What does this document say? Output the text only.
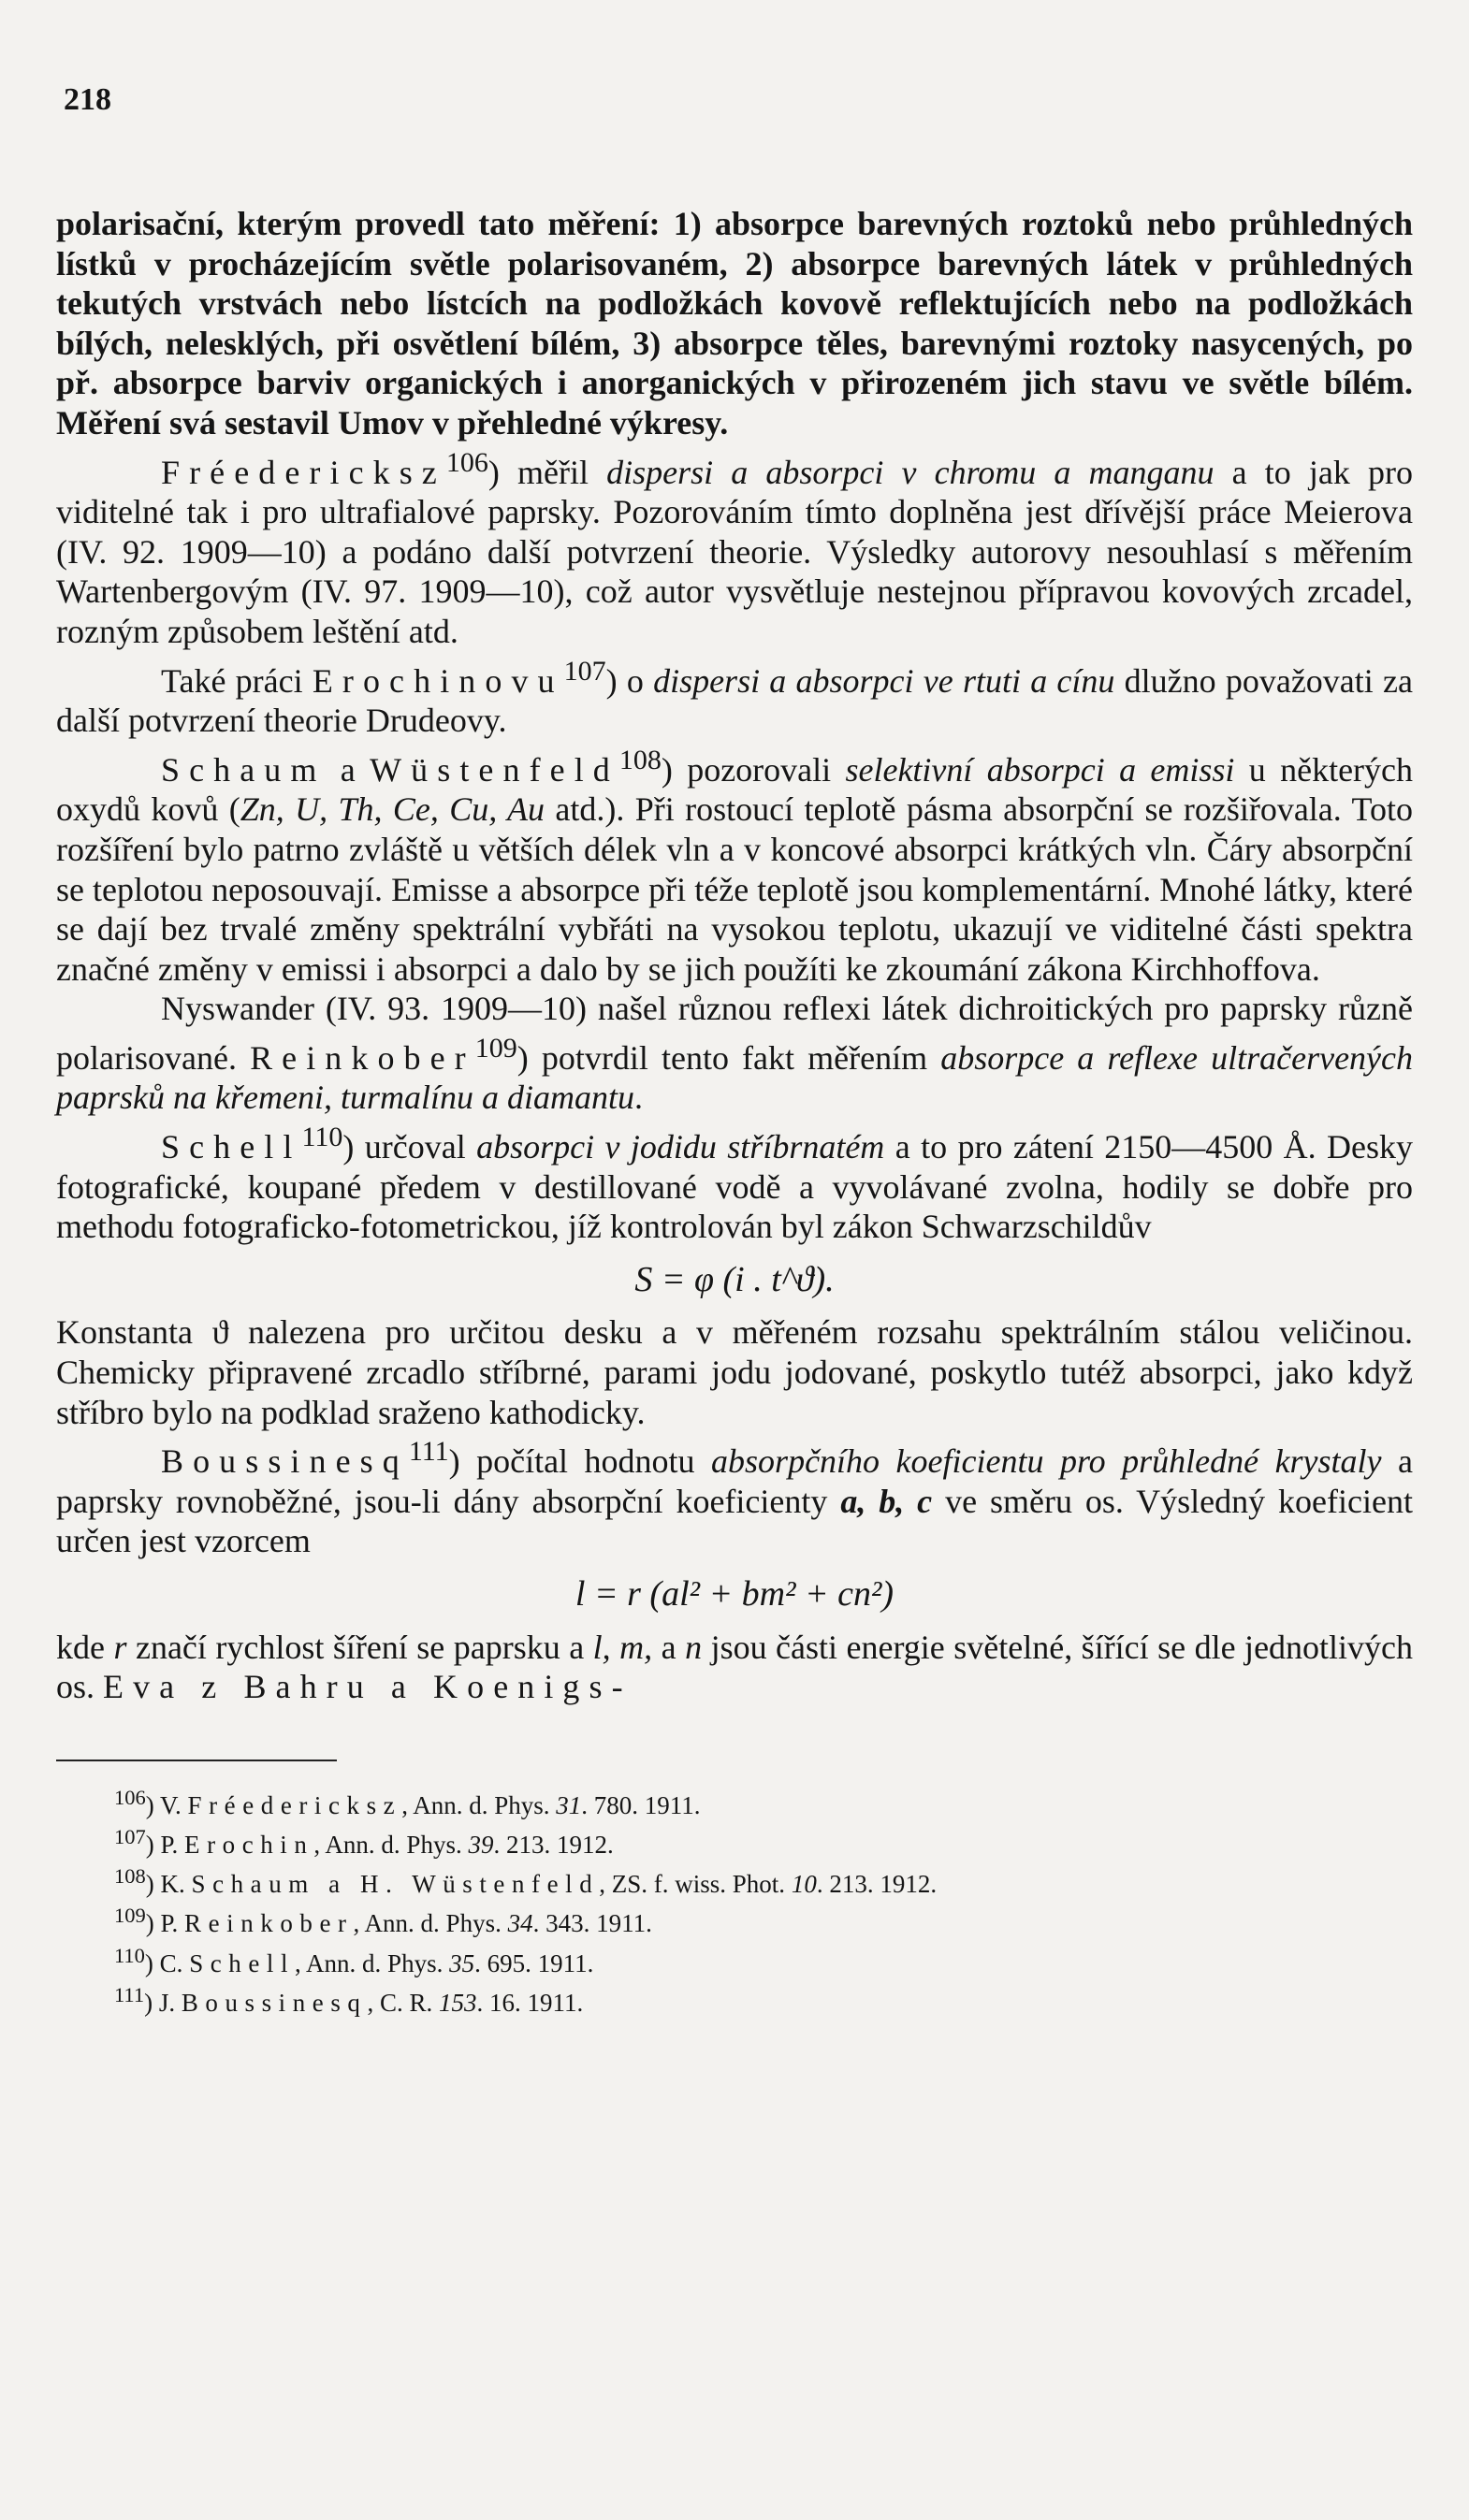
218

polarisační, kterým provedl tato měření: 1) absorpce barevných roztoků nebo průhledných lístků v procházejícím světle polarisovaném, 2) absorpce barevných látek v průhledných tekutých vrstvách nebo lístcích na podložkách kovově reflektujících nebo na podložkách bílých, nelesklých, při osvětlení bílém, 3) absorpce těles, barevnými roztoky nasycených, po př. absorpce barviv organických i anorganických v přirozeném jich stavu ve světle bílém. Měření svá sestavil Umov v přehledné výkresy.

Fréedericksz$^{106}$) měřil dispersi a absorpci v chromu a manganu a to jak pro viditelné tak i pro ultrafialové paprsky. Pozorováním tímto doplněna jest dřívější práce Meierova (IV. 92. 1909—10) a podáno další potvrzení theorie. Výsledky autorovy nesouhlasí s měřením Wartenbergovým (IV. 97. 1909—10), což autor vysvětluje nestejnou přípravou kovových zrcadel, rozným způsobem leštění atd.

Také práci Erochinovu$^{107}$) o dispersi a absorpci ve rtuti a cínu dlužno považovati za další potvrzení theorie Drudeovy.

Schaum a Wüstenfeld$^{108}$) pozorovali selektivní absorpci a emissi u některých oxydů kovů (Zn, U, Th, Ce, Cu, Au atd.). Při rostoucí teplotě pásma absorpční se rozšiřovala. Toto rozšíření bylo patrno zvláště u větších délek vln a v koncové absorpci krátkých vln. Čáry absorpční se teplotou neposouvají. Emisse a absorpce při téže teplotě jsou komplementární. Mnohé látky, které se dají bez trvalé změny spektrální vybřáti na vysokou teplotu, ukazují ve viditelné části spektra značné změny v emissi i absorpci a dalo by se jich použíti ke zkoumání zákona Kirchhoffova.

Nyswander (IV. 93. 1909—10) našel různou reflexi látek dichroitických pro paprsky různě polarisované. Reinkober$^{109}$) potvrdil tento fakt měřením absorpce a reflexe ultračervených paprsků na křemeni, turmalínu a diamantu.

Schell$^{110}$) určoval absorpci v jodidu stříbrnatém a to pro zátení 2150—4500 Å. Desky fotografické, koupané předem v destillované vodě a vyvolávané zvolna, hodily se dobře pro methodu fotograficko-fotometrickou, jíž kontrolován byl zákon Schwarzschildův

S = φ (i . t^ϑ).

Konstanta ϑ nalezena pro určitou desku a v měřeném rozsahu spektrálním stálou veličinou. Chemicky připravené zrcadlo stříbrné, parami jodu jodované, poskytlo tutéž absorpci, jako když stříbro bylo na podklad sraženo kathodicky.

Boussinesq$^{111}$) počítal hodnotu absorpčního koeficientu pro průhledné krystaly a paprsky rovnoběžné, jsou-li dány absorpční koeficienty a, b, c ve směru os. Výsledný koeficient určen jest vzorcem

l = r (al² + bm² + cn²)

kde r značí rychlost šíření se paprsku a l, m, a n jsou části energie světelné, šířící se dle jednotlivých os. Eva z Bahru a Koenigs-

$^{106}$) V. Fréedericksz, Ann. d. Phys. 31. 780. 1911.
$^{107}$) P. Erochin, Ann. d. Phys. 39. 213. 1912.
$^{108}$) K. Schaum a H. Wüstenfeld, ZS. f. wiss. Phot. 10. 213. 1912.
$^{109}$) P. Reinkober, Ann. d. Phys. 34. 343. 1911.
$^{110}$) C. Schell, Ann. d. Phys. 35. 695. 1911.
$^{111}$) J. Boussinesq, C. R. 153. 16. 1911.
